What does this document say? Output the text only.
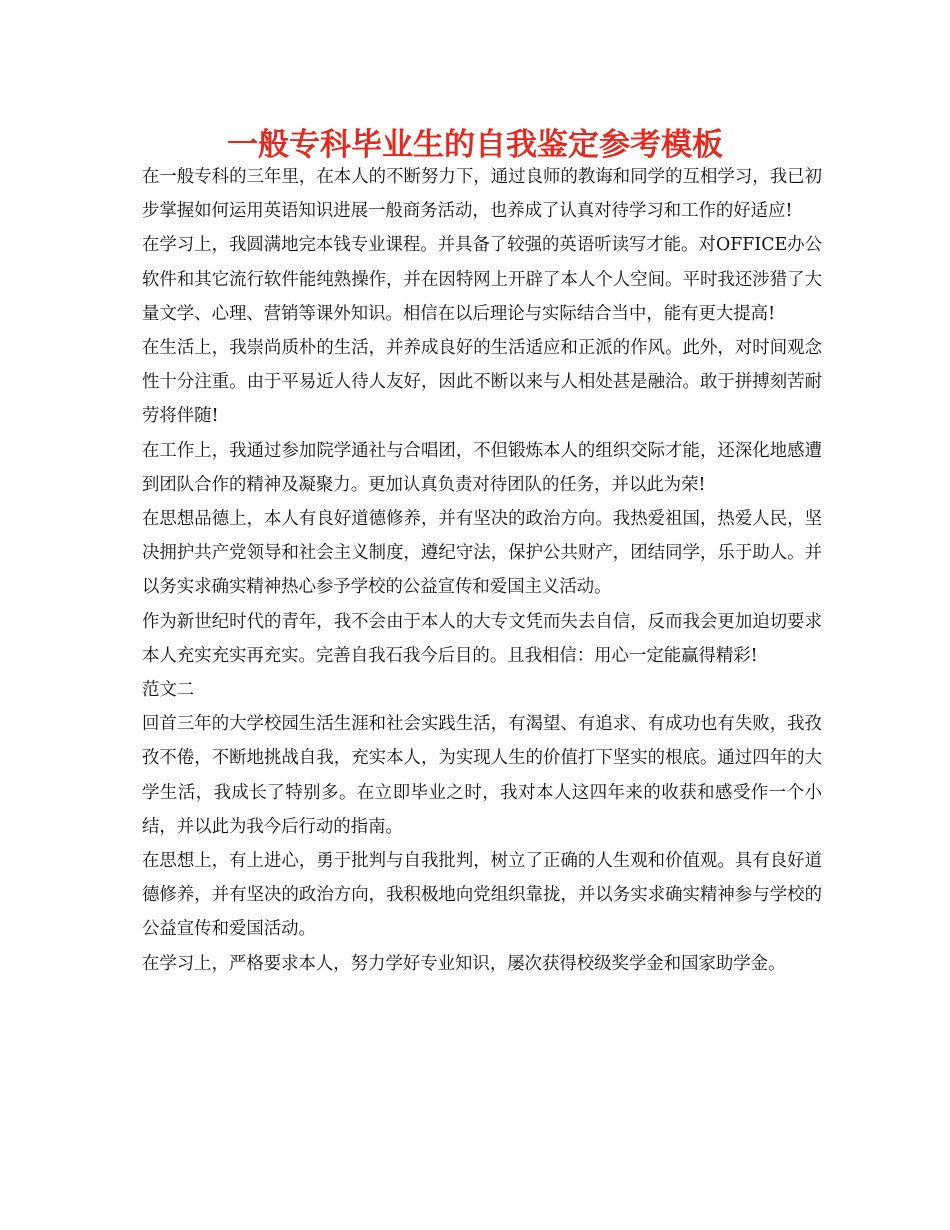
一般专科毕业生的自我鉴定参考模板

在一般专科的三年里，在本人的不断努力下，通过良师的教诲和同学的互相学习，我已初步掌握如何运用英语知识进展一般商务活动，也养成了认真对待学习和工作的好适应!

在学习上，我圆满地完本钱专业课程。并具备了较强的英语听读写才能。对OFFICE办公软件和其它流行软件能纯熟操作，并在因特网上开辟了本人个人空间。平时我还涉猎了大量文学、心理、营销等课外知识。相信在以后理论与实际结合当中，能有更大提高!

在生活上，我崇尚质朴的生活，并养成良好的生活适应和正派的作风。此外，对时间观念性十分注重。由于平易近人待人友好，因此不断以来与人相处甚是融洽。敢于拼搏刻苦耐劳将伴随!

在工作上，我通过参加院学通社与合唱团，不但锻炼本人的组织交际才能，还深化地感遭到团队合作的精神及凝聚力。更加认真负责对待团队的任务，并以此为荣!

在思想品德上，本人有良好道德修养，并有坚决的政治方向。我热爱祖国，热爱人民，坚决拥护共产党领导和社会主义制度，遵纪守法，保护公共财产，团结同学，乐于助人。并以务实求确实精神热心参予学校的公益宣传和爱国主义活动。

作为新世纪时代的青年，我不会由于本人的大专文凭而失去自信，反而我会更加迫切要求本人充实充实再充实。完善自我石我今后目的。且我相信：用心一定能赢得精彩!

范文二

回首三年的大学校园生活生涯和社会实践生活，有渴望、有追求、有成功也有失败，我孜孜不倦，不断地挑战自我，充实本人，为实现人生的价值打下坚实的根底。通过四年的大学生活，我成长了特别多。在立即毕业之时，我对本人这四年来的收获和感受作一个小结，并以此为我今后行动的指南。

在思想上，有上进心，勇于批判与自我批判，树立了正确的人生观和价值观。具有良好道德修养，并有坚决的政治方向，我积极地向党组织靠拢，并以务实求确实精神参与学校的公益宣传和爱国活动。

在学习上，严格要求本人，努力学好专业知识，屡次获得校级奖学金和国家助学金。
